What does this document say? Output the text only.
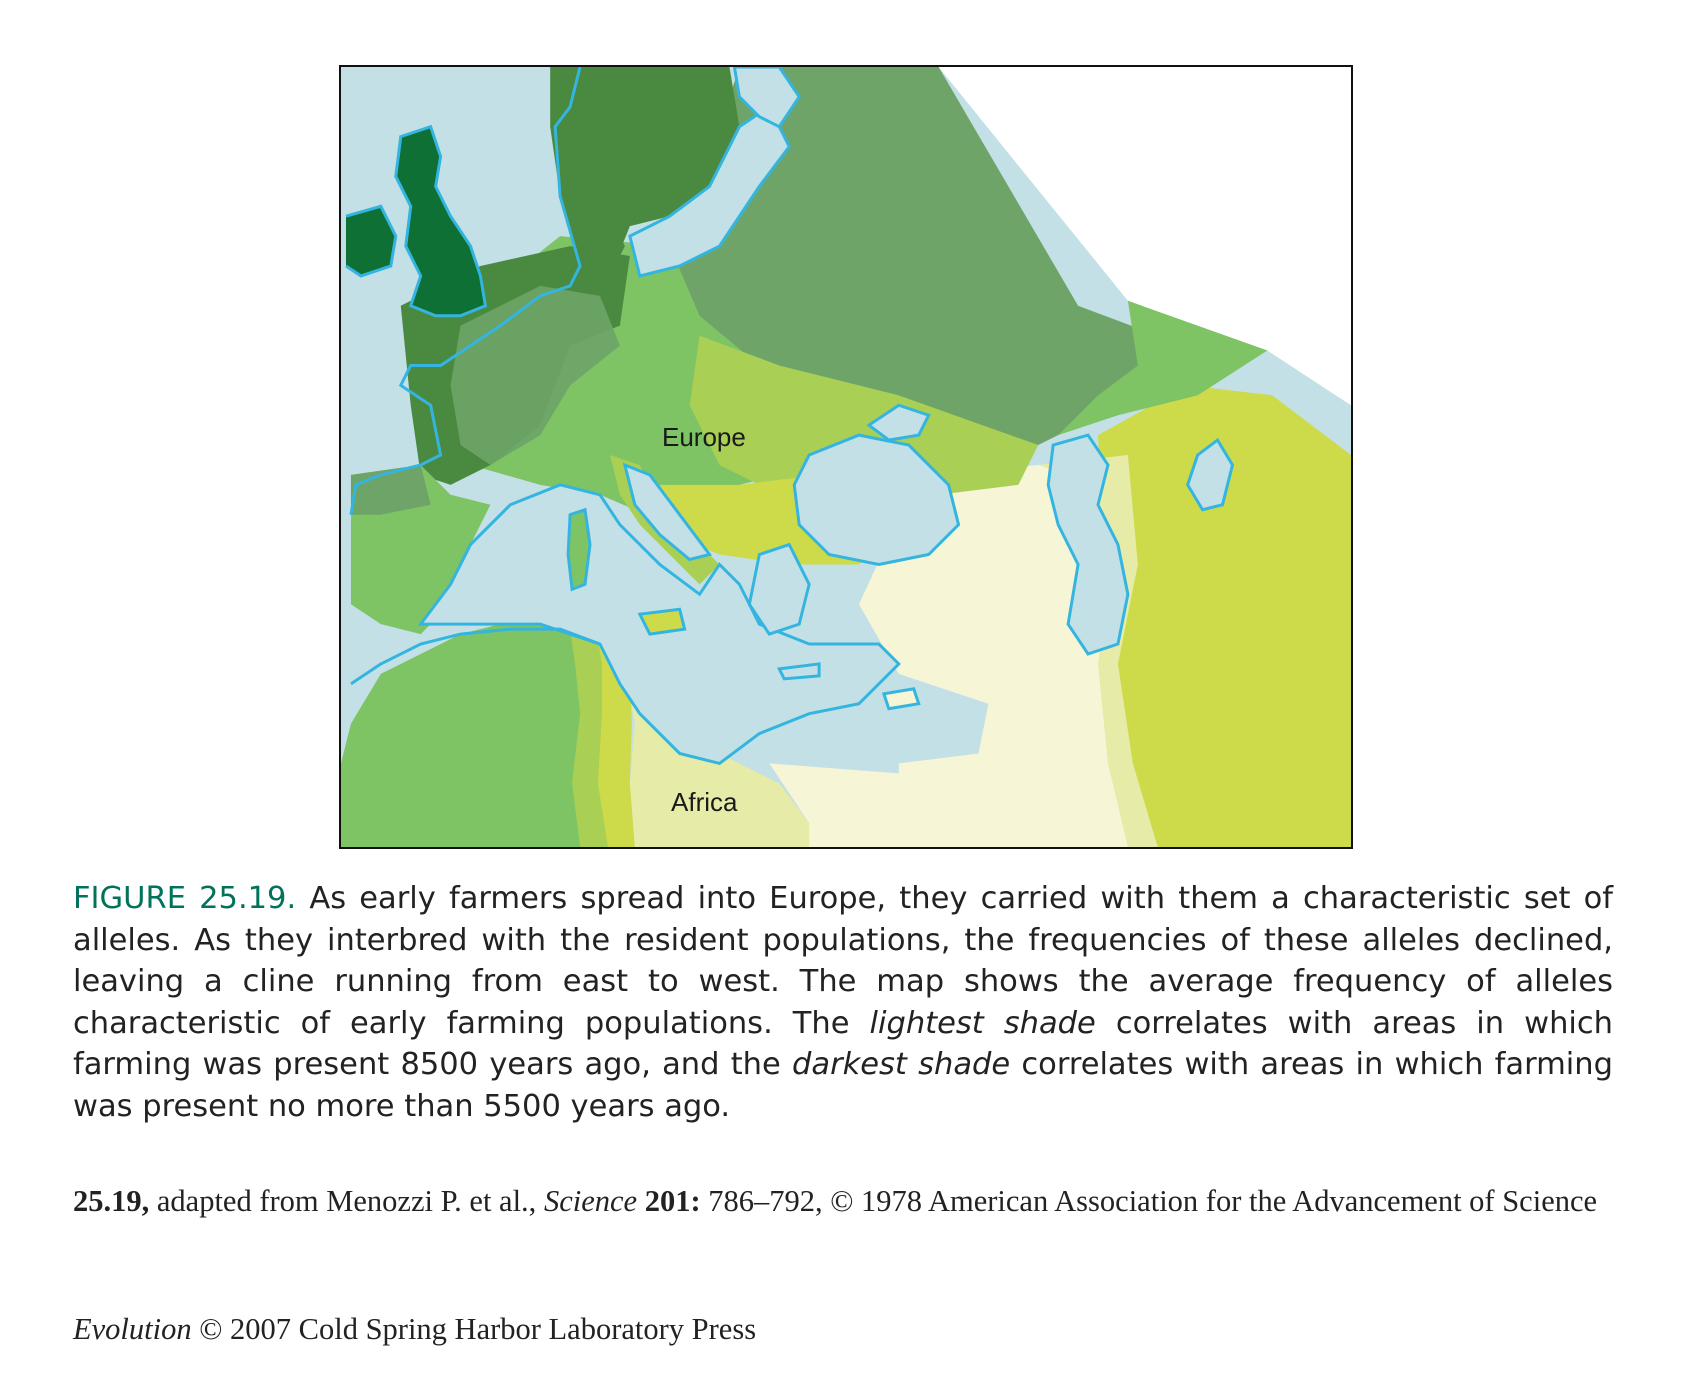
Europe
Africa
FIGURE 25.19. As early farmers spread into Europe, they carried with them a characteristic set of alleles. As they interbred with the resident populations, the frequencies of these alleles declined, leaving a cline running from east to west. The map shows the average frequency of alleles characteristic of early farming populations. The lightest shade correlates with areas in which farming was present 8500 years ago, and the darkest shade correlates with areas in which farming was present no more than 5500 years ago.
25.19, adapted from Menozzi P. et al., Science 201: 786–792, © 1978 American Association for the Advancement of Science
Evolution © 2007 Cold Spring Harbor Laboratory Press
